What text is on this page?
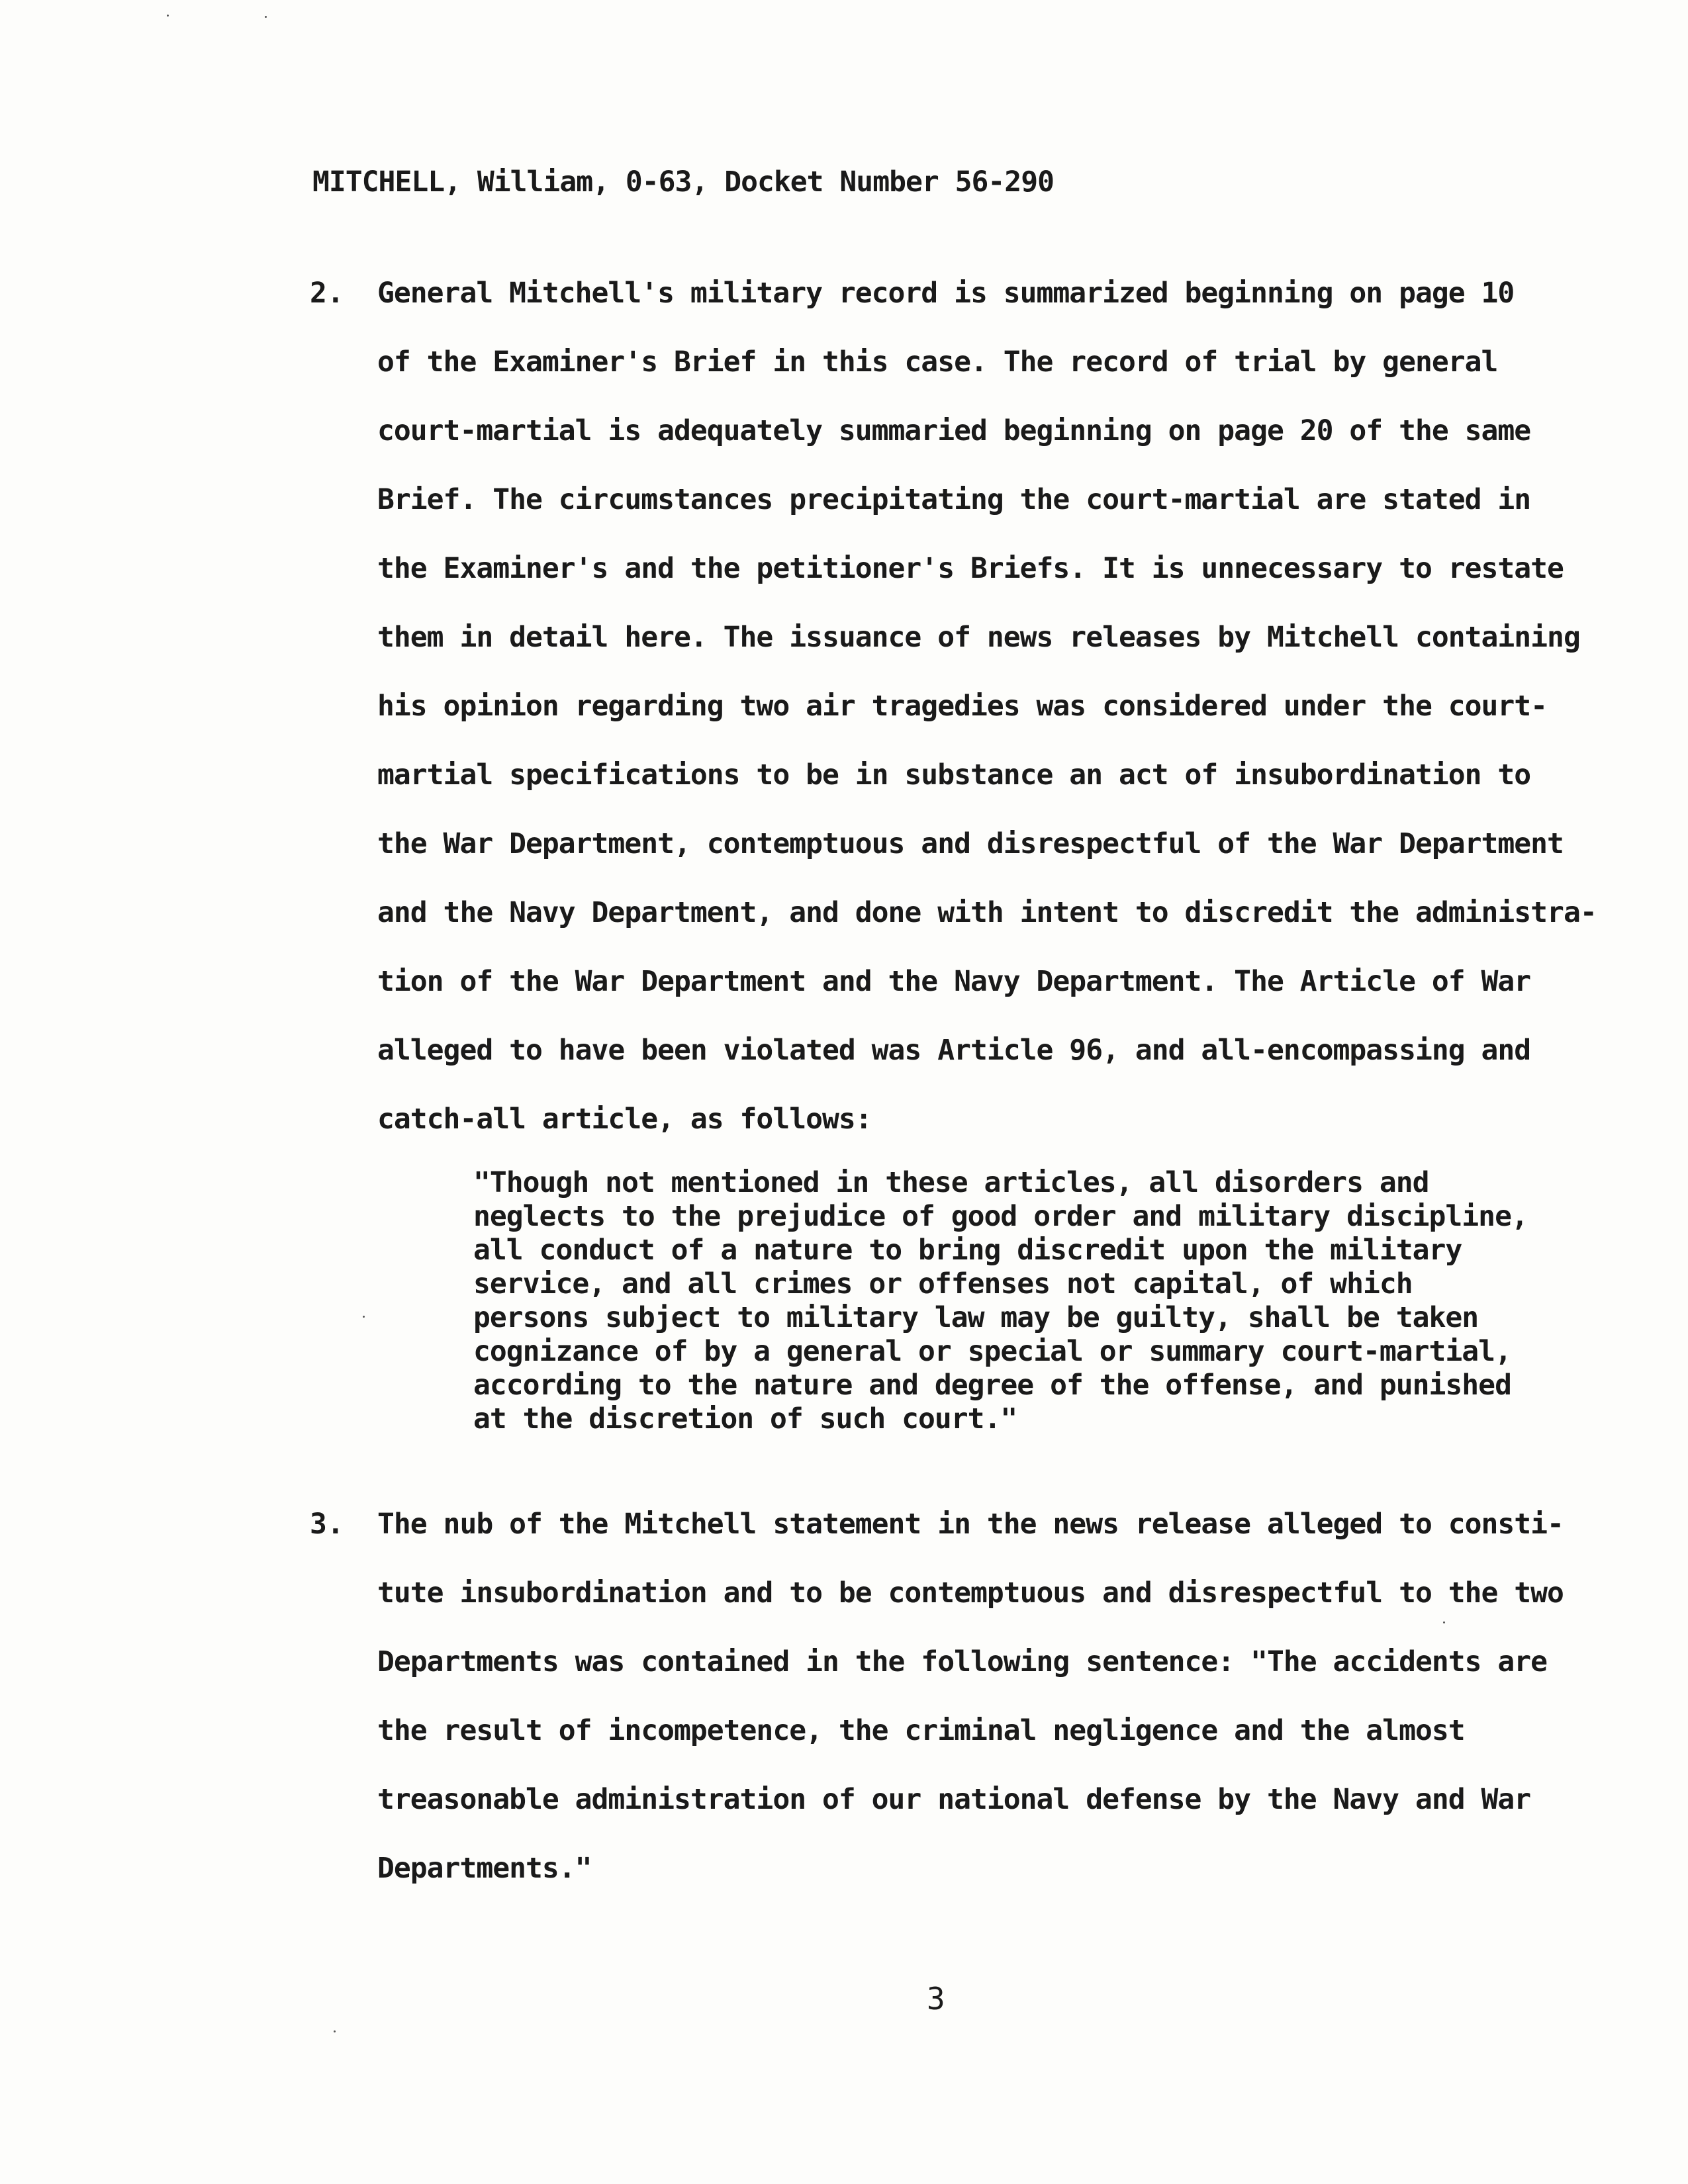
MITCHELL, William, 0-63, Docket Number 56-290
2. General Mitchell's military record is summarized beginning on page 10
of the Examiner's Brief in this case. The record of trial by general
court-martial is adequately summaried beginning on page 20 of the same
Brief. The circumstances precipitating the court-martial are stated in
the Examiner's and the petitioner's Briefs. It is unnecessary to restate
them in detail here. The issuance of news releases by Mitchell containing
his opinion regarding two air tragedies was considered under the court-
martial specifications to be in substance an act of insubordination to
the War Department, contemptuous and disrespectful of the War Department
and the Navy Department, and done with intent to discredit the administra-
tion of the War Department and the Navy Department. The Article of War
alleged to have been violated was Article 96, and all-encompassing and
catch-all article, as follows:
"Though not mentioned in these articles, all disorders and
neglects to the prejudice of good order and military discipline,
all conduct of a nature to bring discredit upon the military
service, and all crimes or offenses not capital, of which
persons subject to military law may be guilty, shall be taken
cognizance of by a general or special or summary court-martial,
according to the nature and degree of the offense, and punished
at the discretion of such court."
3. The nub of the Mitchell statement in the news release alleged to consti-
tute insubordination and to be contemptuous and disrespectful to the two
Departments was contained in the following sentence: "The accidents are
the result of incompetence, the criminal negligence and the almost
treasonable administration of our national defense by the Navy and War
Departments."
3
